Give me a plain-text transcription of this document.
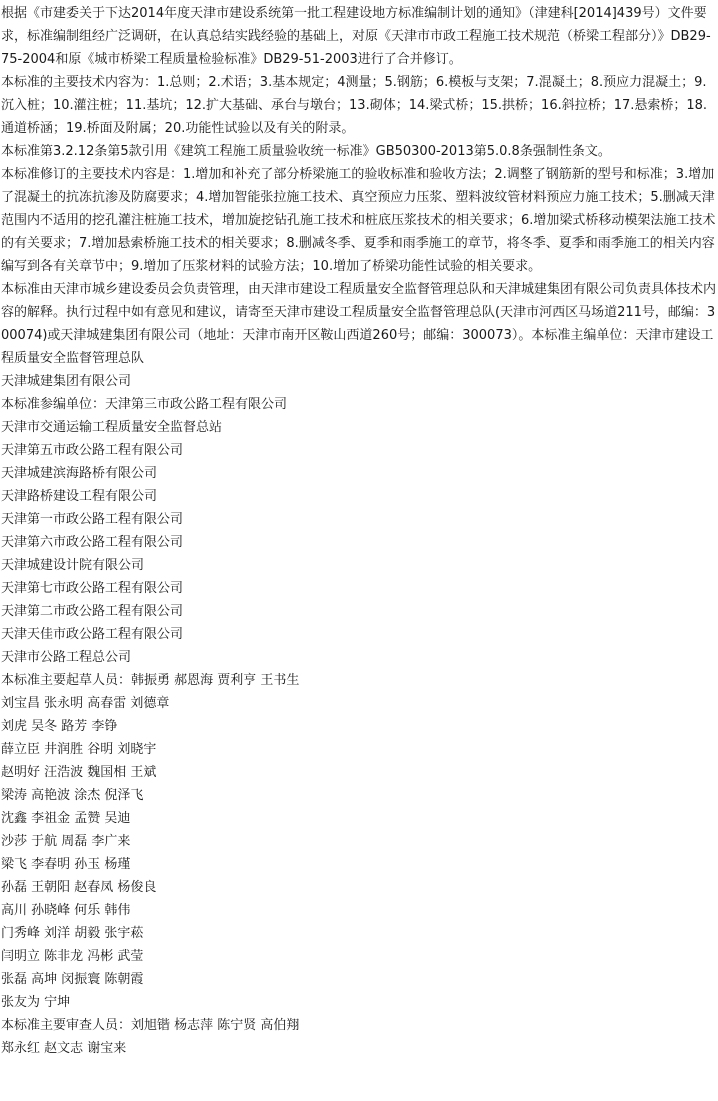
根据《市建委关于下达2014年度天津市建设系统第一批工程建设地方标准编制计划的通知》（津建科[2014]439号）文件要求，标准编制组经广泛调研，在认真总结实践经验的基础上，对原《天津市市政工程施工技术规范（桥梁工程部分）》DB29-75-2004和原《城市桥梁工程质量检验标准》DB29-51-2003进行了合并修订。

本标准的主要技术内容为：1.总则；2.术语；3.基本规定；4测量；5.钢筋；6.模板与支架；7.混凝土；8.预应力混凝土；9.沉入桩；10.灌注桩；11.基坑；12.扩大基础、承台与墩台；13.砌体；14.梁式桥；15.拱桥；16.斜拉桥；17.悬索桥；18.通道桥涵；19.桥面及附属；20.功能性试验以及有关的附录。

本标准第3.2.12条第5款引用《建筑工程施工质量验收统一标准》GB50300-2013第5.0.8条强制性条文。

本标准修订的主要技术内容是：1.增加和补充了部分桥梁施工的验收标准和验收方法；2.调整了钢筋新的型号和标准；3.增加了混凝土的抗冻抗渗及防腐要求；4.增加智能张拉施工技术、真空预应力压浆、塑料波纹管材料预应力施工技术；5.删减天津范围内不适用的挖孔灌注桩施工技术，增加旋挖钻孔施工技术和桩底压浆技术的相关要求；6.增加梁式桥移动模架法施工技术的有关要求；7.增加悬索桥施工技术的相关要求；8.删减冬季、夏季和雨季施工的章节，将冬季、夏季和雨季施工的相关内容编写到各有关章节中；9.增加了压浆材料的试验方法；10.增加了桥梁功能性试验的相关要求。

本标准由天津市城乡建设委员会负责管理，由天津市建设工程质量安全监督管理总队和天津城建集团有限公司负责具体技术内容的解释。执行过程中如有意见和建议，请寄至天津市建设工程质量安全监督管理总队(天津市河西区马场道211号，邮编：300074)或天津城建集团有限公司（地址：天津市南开区鞍山西道260号；邮编：300073）。本标准主编单位：天津市建设工程质量安全监督管理总队

天津城建集团有限公司
本标准参编单位：天津第三市政公路工程有限公司
天津市交通运输工程质量安全监督总站
天津第五市政公路工程有限公司
天津城建滨海路桥有限公司
天津路桥建设工程有限公司
天津第一市政公路工程有限公司
天津第六市政公路工程有限公司
天津城建设计院有限公司
天津第七市政公路工程有限公司
天津第二市政公路工程有限公司
天津天佳市政公路工程有限公司
天津市公路工程总公司
本标准主要起草人员：韩振勇 郝恩海 贾利亨 王书生
刘宝昌 张永明 高春雷 刘德章
刘虎 吴冬 路芳 李铮
薛立臣 井润胜 谷明 刘晓宇
赵明好 汪浩波 魏国相 王斌
梁涛 高艳波 涂杰 倪泽飞
沈鑫 李祖金 孟赞 吴迪
沙莎 于航 周磊 李广来
梁飞 李春明 孙玉 杨瑾
孙磊 王朝阳 赵春凤 杨俊良
高川 孙晓峰 何乐 韩伟
门秀峰 刘洋 胡毅 张宇菘
闫明立 陈非龙 冯彬 武莹
张磊 高坤 闵振寰 陈朝霞
张友为 宁坤
本标准主要审查人员：刘旭锴 杨志萍 陈宁贤 高伯翔
郑永红 赵文志 谢宝来
